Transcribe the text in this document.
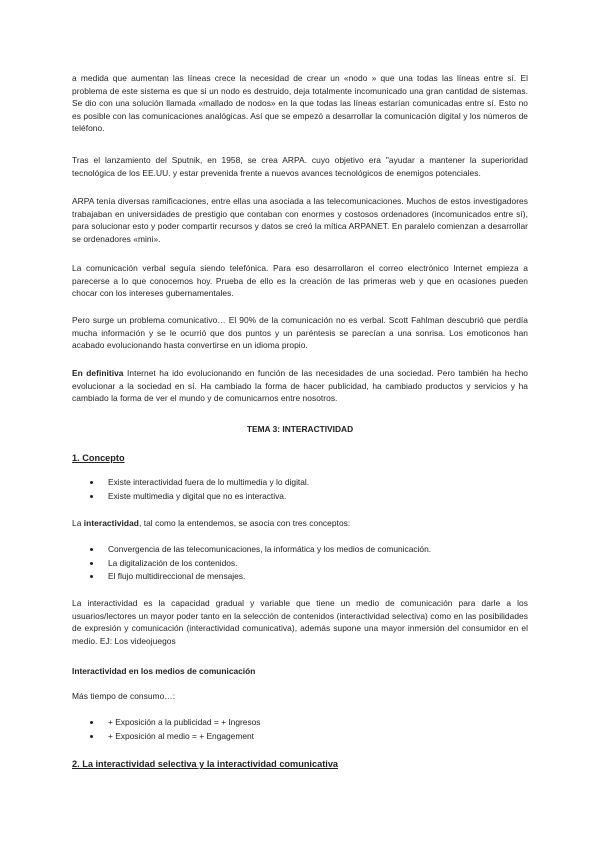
a medida que aumentan las líneas crece la necesidad de crear un «nodo » que una todas las líneas entre sí. El problema de este sistema es que si un nodo es destruido, deja totalmente incomunicado una gran cantidad de sistemas. Se dio con una solución llamada «mallado de nodos» en la que todas las líneas estarían comunicadas entre sí. Esto no es posible con las comunicaciones analógicas. Así que se empezó a desarrollar la comunicación digital y los números de teléfono.

Tras el lanzamiento del Sputnik, en 1958, se crea ARPA. cuyo objetivo era "ayudar a mantener la superioridad tecnológica de los EE.UU. y estar prevenida frente a nuevos avances tecnológicos de enemigos potenciales.

ARPA tenía diversas ramificaciones, entre ellas una asociada a las telecomunicaciones. Muchos de estos investigadores trabajaban en universidades de prestigio que contaban con enormes y costosos ordenadores (incomunicados entre sí), para solucionar esto y poder compartir recursos y datos se creó la mítica ARPANET. En paralelo comienzan a desarrollar se ordenadores «mini».

La comunicación verbal seguía siendo telefónica. Para eso desarrollaron el correo electrónico Internet empieza a parecerse a lo que conocemos hoy. Prueba de ello es la creación de las primeras web y que en ocasiones pueden chocar con los intereses gubernamentales.

Pero surge un problema comunicativo… El 90% de la comunicación no es verbal. Scott Fahlman descubrió que perdía mucha información y se le ocurrió que dos puntos y un paréntesis se parecían a una sonrisa. Los emoticonos han acabado evolucionando hasta convertirse en un idioma propio.

En definitiva Internet ha ido evolucionando en función de las necesidades de una sociedad. Pero también ha hecho evolucionar a la sociedad en sí. Ha cambiado la forma de hacer publicidad, ha cambiado productos y servicios y ha cambiado la forma de ver el mundo y de comunicarnos entre nosotros.

TEMA 3: INTERACTIVIDAD

1. Concepto

Existe interactividad fuera de lo multimedia y lo digital.
Existe multimedia y digital que no es interactiva.

La interactividad, tal como la entendemos, se asocia con tres conceptos:

Convergencia de las telecomunicaciones, la informática y los medios de comunicación.
La digitalización de los contenidos.
El flujo multidireccional de mensajes.

La interactividad es la capacidad gradual y variable que tiene un medio de comunicación para darle a los usuarios/lectores un mayor poder tanto en la selección de contenidos (interactividad selectiva) como en las posibilidades de expresión y comunicación (interactividad comunicativa), además supone una mayor inmersión del consumidor en el medio. EJ: Los videojuegos

Interactividad en los medios de comunicación

Más tiempo de consumo…:

+ Exposición a la publicidad = + Ingresos
+ Exposición al medio = + Engagement

2. La interactividad selectiva y la interactividad comunicativa
